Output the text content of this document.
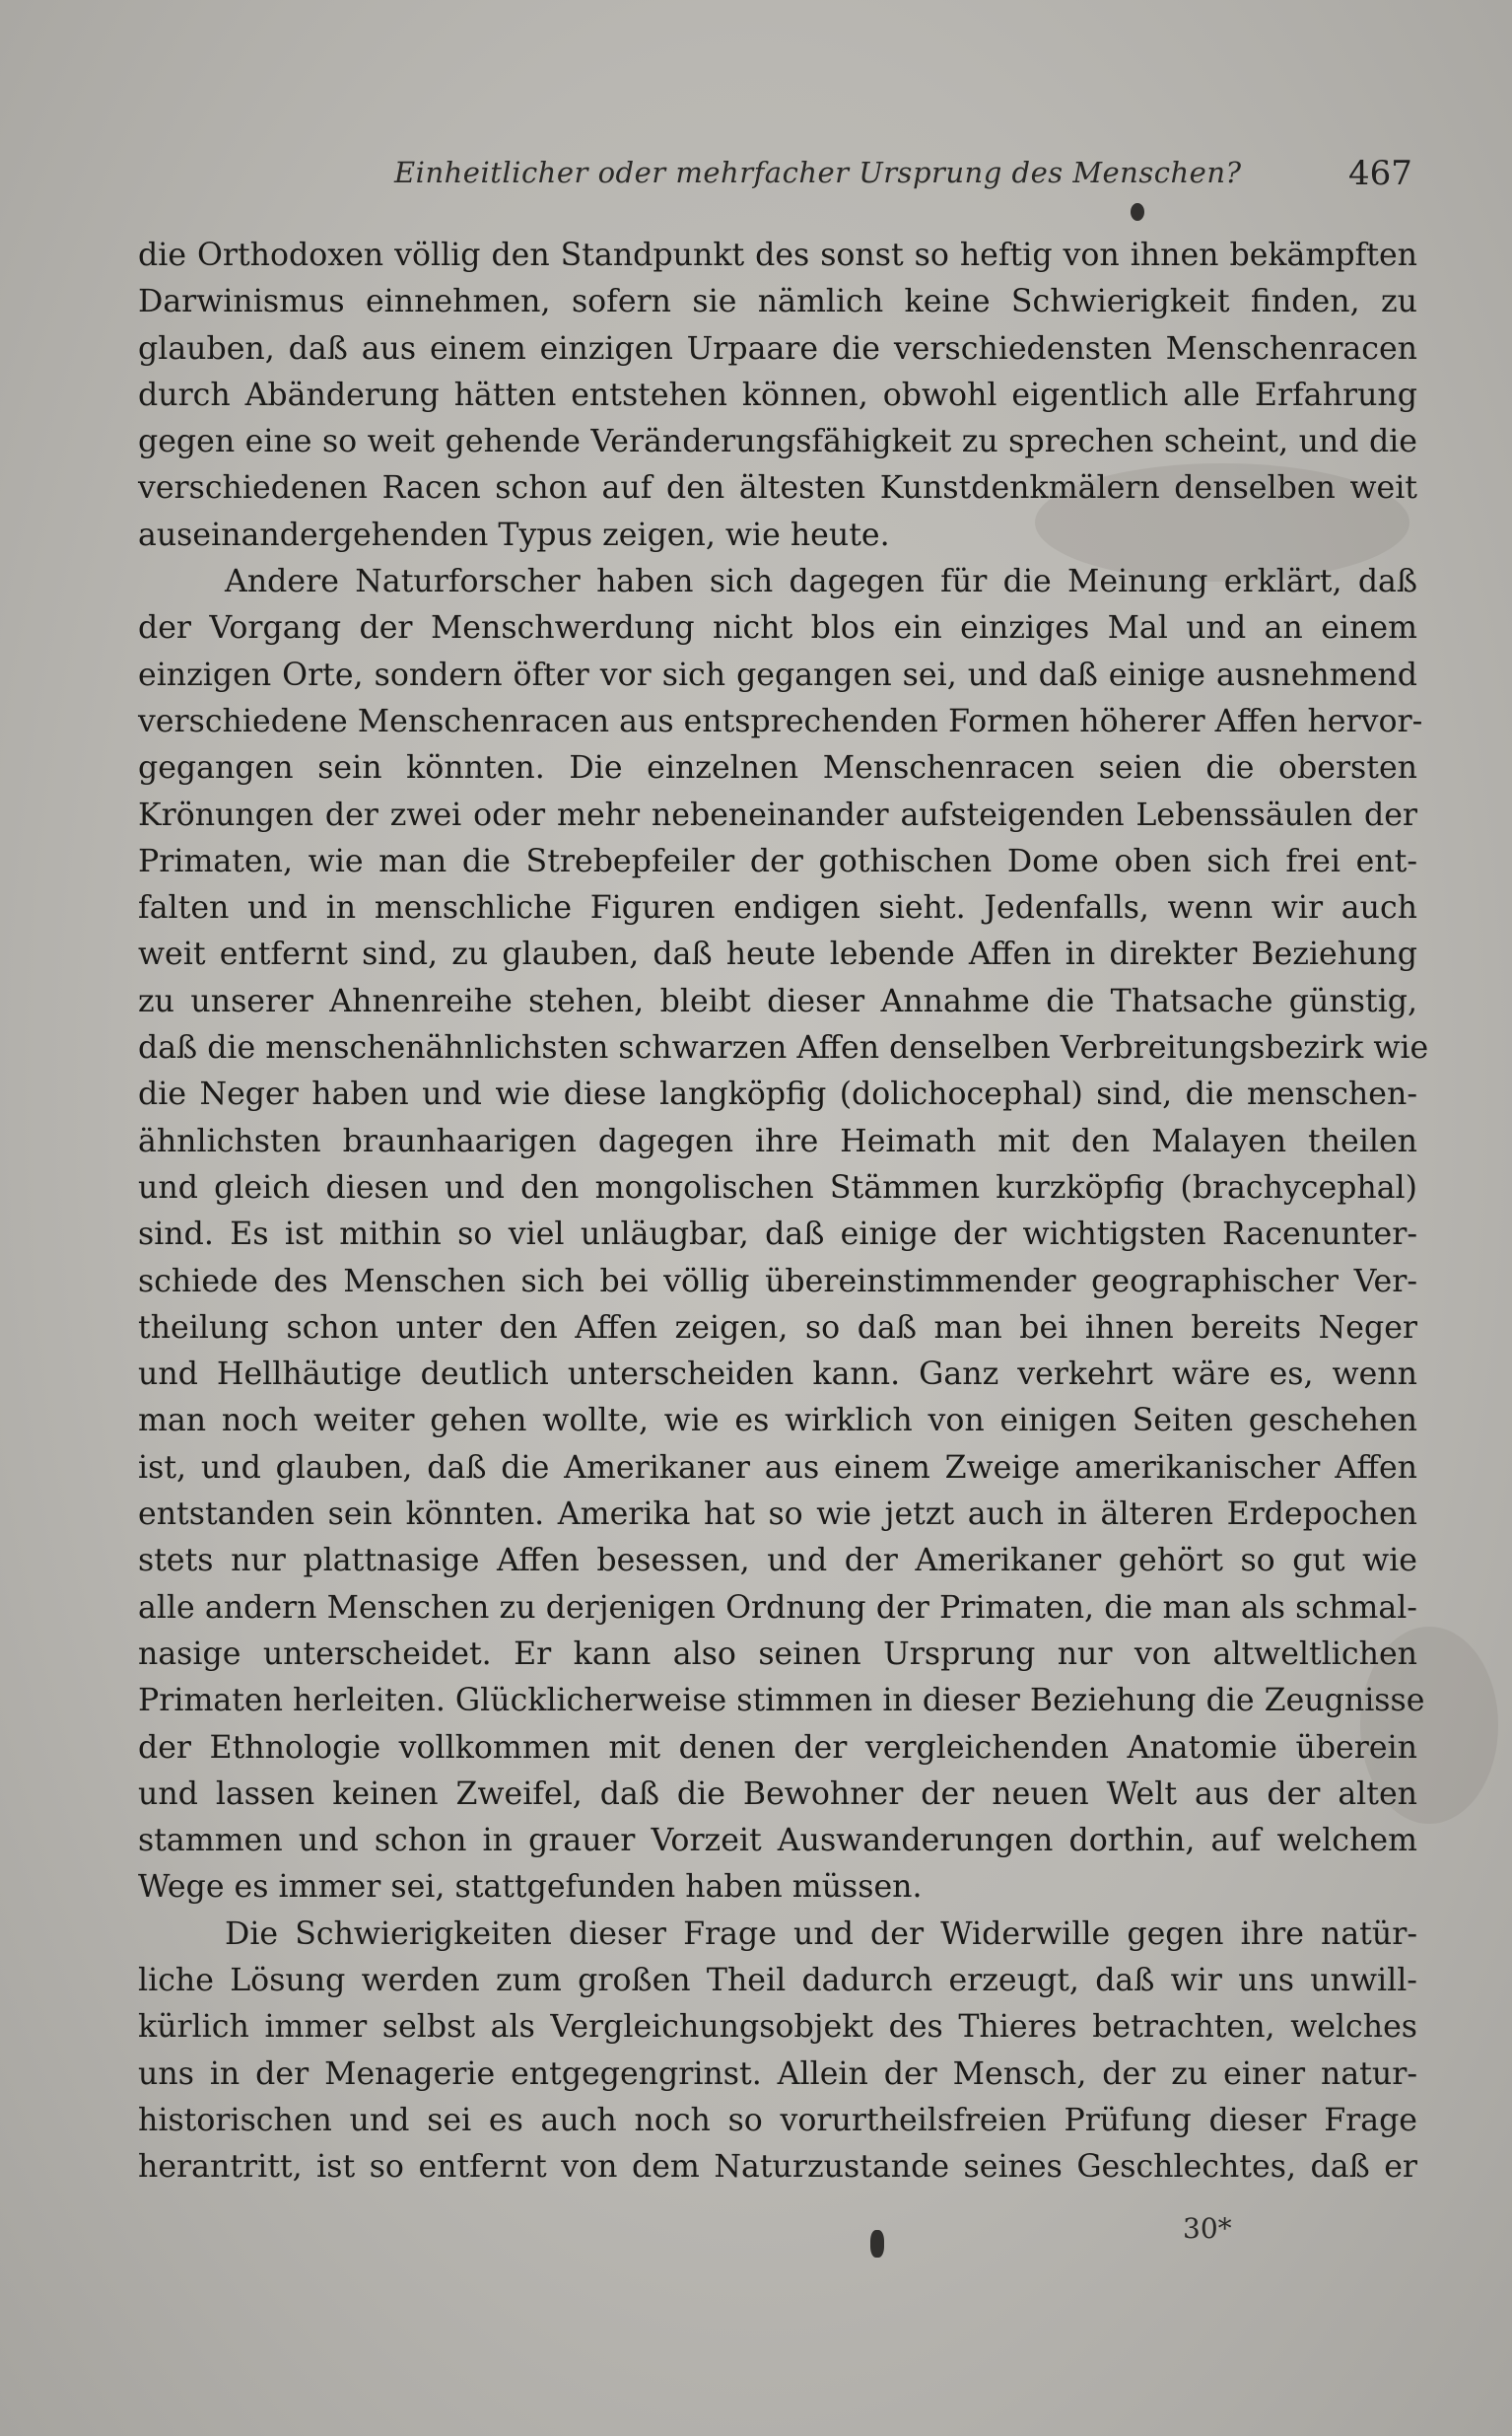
Einheitlicher oder mehrfacher Ursprung des Menschen?	467
die Orthodoxen völlig den Standpunkt des sonst so heftig von ihnen bekämpften
Darwinismus einnehmen, sofern sie nämlich keine Schwierigkeit finden, zu
glauben, daß aus einem einzigen Urpaare die verschiedensten Menschenracen
durch Abänderung hätten entstehen können, obwohl eigentlich alle Erfahrung
gegen eine so weit gehende Veränderungsfähigkeit zu sprechen scheint, und die
verschiedenen Racen schon auf den ältesten Kunstdenkmälern denselben weit
auseinandergehenden Typus zeigen, wie heute.
Andere Naturforscher haben sich dagegen für die Meinung erklärt, daß
der Vorgang der Menschwerdung nicht blos ein einziges Mal und an einem
einzigen Orte, sondern öfter vor sich gegangen sei, und daß einige ausnehmend
verschiedene Menschenracen aus entsprechenden Formen höherer Affen hervor-
gegangen sein könnten. Die einzelnen Menschenracen seien die obersten
Krönungen der zwei oder mehr nebeneinander aufsteigenden Lebenssäulen der
Primaten, wie man die Strebepfeiler der gothischen Dome oben sich frei ent-
falten und in menschliche Figuren endigen sieht. Jedenfalls, wenn wir auch
weit entfernt sind, zu glauben, daß heute lebende Affen in direkter Beziehung
zu unserer Ahnenreihe stehen, bleibt dieser Annahme die Thatsache günstig,
daß die menschenähnlichsten schwarzen Affen denselben Verbreitungsbezirk wie
die Neger haben und wie diese langköpfig (dolichocephal) sind, die menschen-
ähnlichsten braunhaarigen dagegen ihre Heimath mit den Malayen theilen
und gleich diesen und den mongolischen Stämmen kurzköpfig (brachycephal)
sind. Es ist mithin so viel unläugbar, daß einige der wichtigsten Racenunter-
schiede des Menschen sich bei völlig übereinstimmender geographischer Ver-
theilung schon unter den Affen zeigen, so daß man bei ihnen bereits Neger
und Hellhäutige deutlich unterscheiden kann. Ganz verkehrt wäre es, wenn
man noch weiter gehen wollte, wie es wirklich von einigen Seiten geschehen
ist, und glauben, daß die Amerikaner aus einem Zweige amerikanischer Affen
entstanden sein könnten. Amerika hat so wie jetzt auch in älteren Erdepochen
stets nur plattnasige Affen besessen, und der Amerikaner gehört so gut wie
alle andern Menschen zu derjenigen Ordnung der Primaten, die man als schmal-
nasige unterscheidet. Er kann also seinen Ursprung nur von altweltlichen
Primaten herleiten. Glücklicherweise stimmen in dieser Beziehung die Zeugnisse
der Ethnologie vollkommen mit denen der vergleichenden Anatomie überein
und lassen keinen Zweifel, daß die Bewohner der neuen Welt aus der alten
stammen und schon in grauer Vorzeit Auswanderungen dorthin, auf welchem
Wege es immer sei, stattgefunden haben müssen.
Die Schwierigkeiten dieser Frage und der Widerwille gegen ihre natür-
liche Lösung werden zum großen Theil dadurch erzeugt, daß wir uns unwill-
kürlich immer selbst als Vergleichungsobjekt des Thieres betrachten, welches
uns in der Menagerie entgegengrinst. Allein der Mensch, der zu einer natur-
historischen und sei es auch noch so vorurtheilsfreien Prüfung dieser Frage
herantritt, ist so entfernt von dem Naturzustande seines Geschlechtes, daß er
30*
